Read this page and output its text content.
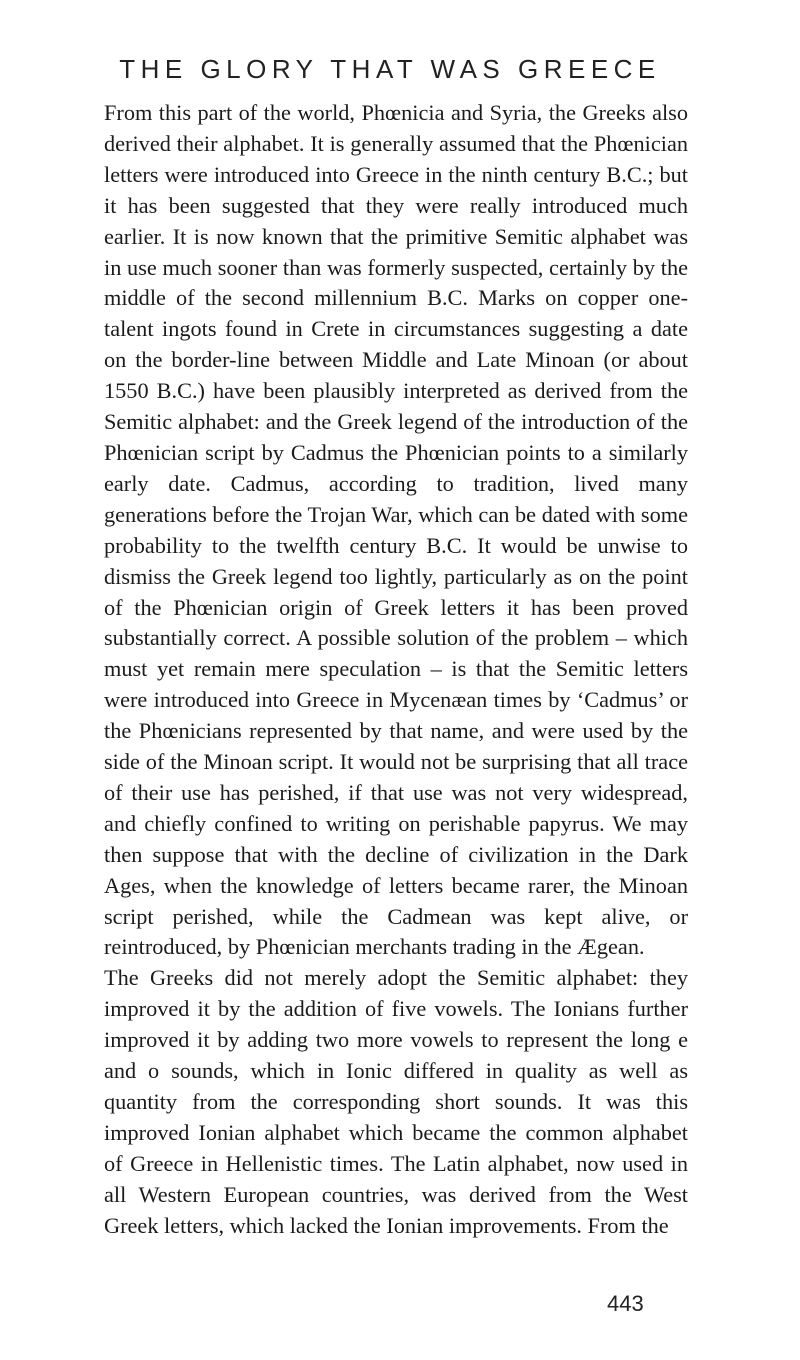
THE GLORY THAT WAS GREECE

From this part of the world, Phœnicia and Syria, the Greeks also derived their alphabet. It is generally assumed that the Phœnician letters were introduced into Greece in the ninth century B.C.; but it has been suggested that they were really introduced much earlier. It is now known that the primitive Semitic alphabet was in use much sooner than was formerly suspected, certainly by the middle of the second millennium B.C. Marks on copper one-talent ingots found in Crete in circumstances suggesting a date on the border-line between Middle and Late Minoan (or about 1550 B.C.) have been plausibly interpreted as derived from the Semitic alphabet: and the Greek legend of the introduction of the Phœnician script by Cadmus the Phœnician points to a similarly early date. Cadmus, according to tradition, lived many generations before the Trojan War, which can be dated with some probability to the twelfth century B.C. It would be unwise to dismiss the Greek legend too lightly, particularly as on the point of the Phœnician origin of Greek letters it has been proved substantially correct. A possible solution of the problem – which must yet remain mere speculation – is that the Semitic letters were introduced into Greece in Mycenæan times by ‘Cadmus’ or the Phœnicians represented by that name, and were used by the side of the Minoan script. It would not be surprising that all trace of their use has perished, if that use was not very widespread, and chiefly confined to writing on perishable papyrus. We may then suppose that with the decline of civilization in the Dark Ages, when the knowledge of letters became rarer, the Minoan script perished, while the Cadmean was kept alive, or reintroduced, by Phœnician merchants trading in the Ægean.

The Greeks did not merely adopt the Semitic alphabet: they improved it by the addition of five vowels. The Ionians further improved it by adding two more vowels to represent the long e and o sounds, which in Ionic differed in quality as well as quantity from the corresponding short sounds. It was this improved Ionian alphabet which became the common alphabet of Greece in Hellenistic times. The Latin alphabet, now used in all Western European countries, was derived from the West Greek letters, which lacked the Ionian improvements. From the

443
